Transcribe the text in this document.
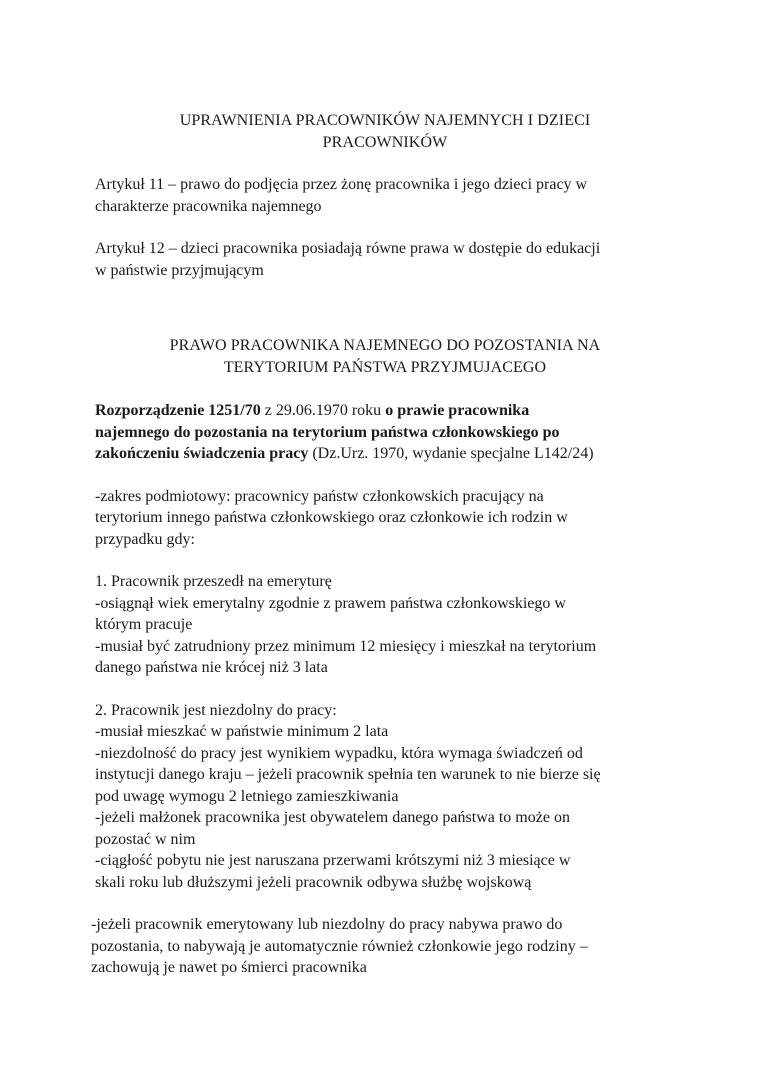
UPRAWNIENIA PRACOWNIKÓW NAJEMNYCH I DZIECI
PRACOWNIKÓW

Artykuł 11 – prawo do podjęcia przez żonę pracownika i jego dzieci pracy w
charakterze pracownika najemnego

Artykuł 12 – dzieci pracownika posiadają równe prawa w dostępie do edukacji
w państwie przyjmującym

PRAWO PRACOWNIKA NAJEMNEGO DO POZOSTANIA NA
TERYTORIUM PAŃSTWA PRZYJMUJACEGO

Rozporządzenie 1251/70 z 29.06.1970 roku o prawie pracownika
najemnego do pozostania na terytorium państwa członkowskiego po
zakończeniu świadczenia pracy (Dz.Urz. 1970, wydanie specjalne L142/24)

-zakres podmiotowy: pracownicy państw członkowskich pracujący na
terytorium innego państwa członkowskiego oraz członkowie ich rodzin w
przypadku gdy:

1. Pracownik przeszedł na emeryturę
-osiągnął wiek emerytalny zgodnie z prawem państwa członkowskiego w
którym pracuje
-musiał być zatrudniony przez minimum 12 miesięcy i mieszkał na terytorium
danego państwa nie krócej niż 3 lata

2. Pracownik jest niezdolny do pracy:
-musiał mieszkać w państwie minimum 2 lata
-niezdolność do pracy jest wynikiem wypadku, która wymaga świadczeń od
instytucji danego kraju – jeżeli pracownik spełnia ten warunek to nie bierze się
pod uwagę wymogu 2 letniego zamieszkiwania
-jeżeli małżonek pracownika jest obywatelem danego państwa to może on
pozostać w nim
-ciągłość pobytu nie jest naruszana przerwami krótszymi niż 3 miesiące w
skali roku lub dłuższymi jeżeli pracownik odbywa służbę wojskową

-jeżeli pracownik emerytowany lub niezdolny do pracy nabywa prawo do
pozostania, to nabywają je automatycznie również członkowie jego rodziny –
zachowują je nawet po śmierci pracownika
